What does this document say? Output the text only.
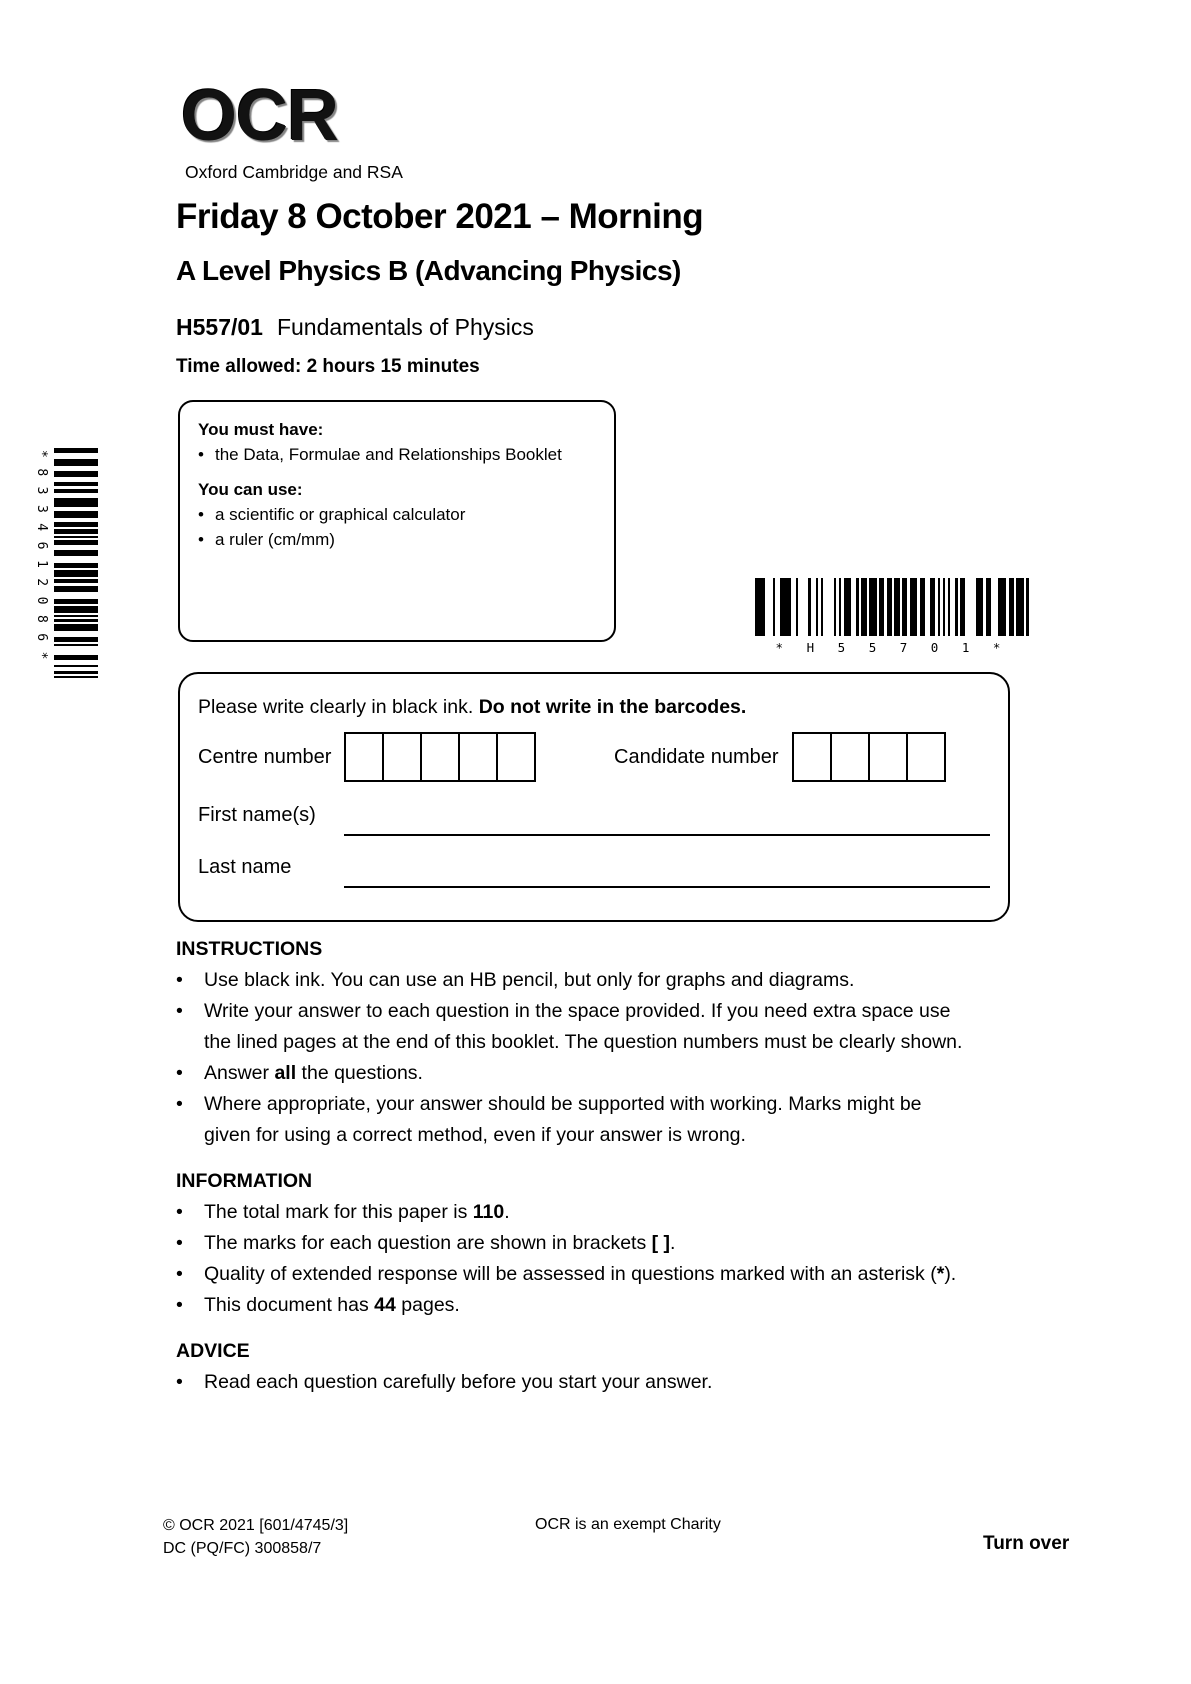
OCR
Oxford Cambridge and RSA
Friday 8 October 2021 – Morning
A Level Physics B (Advancing Physics)
H557/01 Fundamentals of Physics
Time allowed: 2 hours 15 minutes
You must have:
• the Data, Formulae and Relationships Booklet
You can use:
• a scientific or graphical calculator
• a ruler (cm/mm)
*8334612086*	* H 5 5 7 0 1 *
Please write clearly in black ink. Do not write in the barcodes.
Centre number	Candidate number
First name(s)
Last name
INSTRUCTIONS
•	Use black ink. You can use an HB pencil, but only for graphs and diagrams.
•	Write your answer to each question in the space provided. If you need extra space use
the lined pages at the end of this booklet. The question numbers must be clearly shown.
•	Answer all the questions.
•	Where appropriate, your answer should be supported with working. Marks might be
given for using a correct method, even if your answer is wrong.
INFORMATION
•	The total mark for this paper is 110.
•	The marks for each question are shown in brackets [ ].
•	Quality of extended response will be assessed in questions marked with an asterisk (*).
•	This document has 44 pages.
ADVICE
•	Read each question carefully before you start your answer.
© OCR 2021 [601/4745/3]
DC (PQ/FC) 300858/7
OCR is an exempt Charity
Turn over
